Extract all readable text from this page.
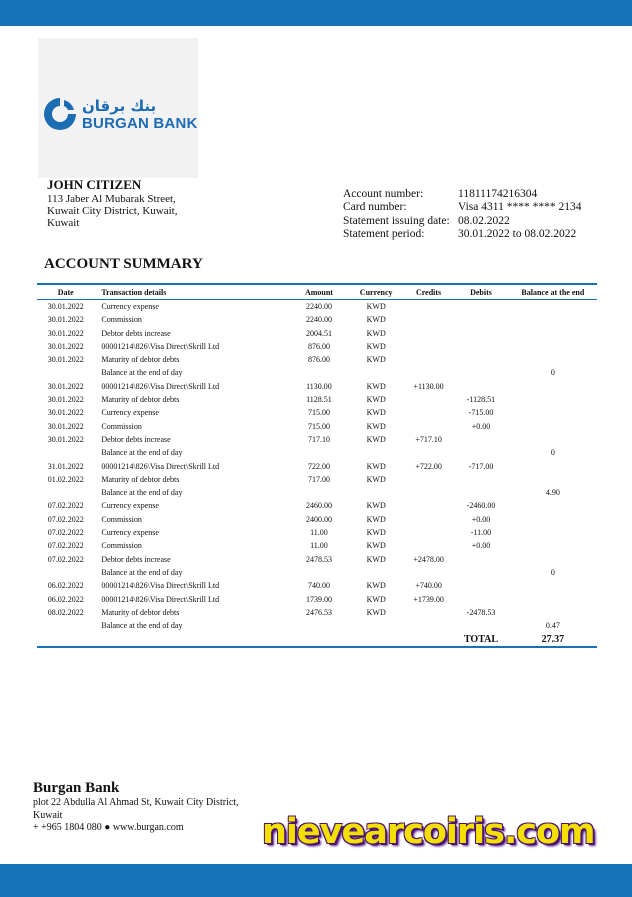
بنك برقان
BURGAN BANK
JOHN CITIZEN
113 Jaber Al Mubarak Street,
Kuwait City District, Kuwait,
Kuwait
Account number:	11811174216304
Card number:	Visa 4311 **** **** 2134
Statement issuing date: 08.02.2022
Statement period:	30.01.2022 to 08.02.2022
ACCOUNT SUMMARY
Date	Transaction details	Amount	Currency	Credits	Debits	Balance at the end
30.01.2022	Currency expense	2240.00	KWD			
30.01.2022	Commission	2240.00	KWD			
30.01.2022	Debtor debts increase	2004.51	KWD			
30.01.2022	00001214\826\Visa Direct\Skrill Ltd	876.00	KWD			
30.01.2022	Maturity of debtor debts	876.00	KWD			
	Balance at the end of day					0
30.01.2022	00001214\826\Visa Direct\Skrill Ltd	1130.00	KWD	+1130.00		
30.01.2022	Maturity of debtor debts	1128.51	KWD		-1128.51	
30.01.2022	Currency expense	715.00	KWD		-715.00	
30.01.2022	Commission	715.00	KWD		+0.00	
30.01.2022	Debtor debts increase	717.10	KWD	+717.10		
	Balance at the end of day					0
31.01.2022	00001214\826\Visa Direct\Skrill Ltd	722.00	KWD	+722.00	-717.00	
01.02.2022	Maturity of debtor debts	717.00	KWD			
	Balance at the end of day					4.90
07.02.2022	Currency expense	2460.00	KWD		-2460.00	
07.02.2022	Commission	2400.00	KWD		+0.00	
07.02.2022	Currency expense	11.00	KWD		-11.00	
07.02.2022	Commission	11.00	KWD		+0.00	
07.02.2022	Debtor debts increase	2478.53	KWD	+2478.00		
	Balance at the end of day					0
06.02.2022	00001214\826\Visa Direct\Skrill Ltd	740.00	KWD	+740.00		
06.02.2022	00001214\826\Visa Direct\Skrill Ltd	1739.00	KWD	+1739.00		
08.02.2022	Maturity of debtor debts	2476.53	KWD		-2478.53	
	Balance at the end of day					0.47
					TOTAL	27.37
Burgan Bank
plot 22 Abdulla Al Ahmad St, Kuwait City District,
Kuwait
+ +965 1804 080 ● www.burgan.com	nievearcoiris.com
